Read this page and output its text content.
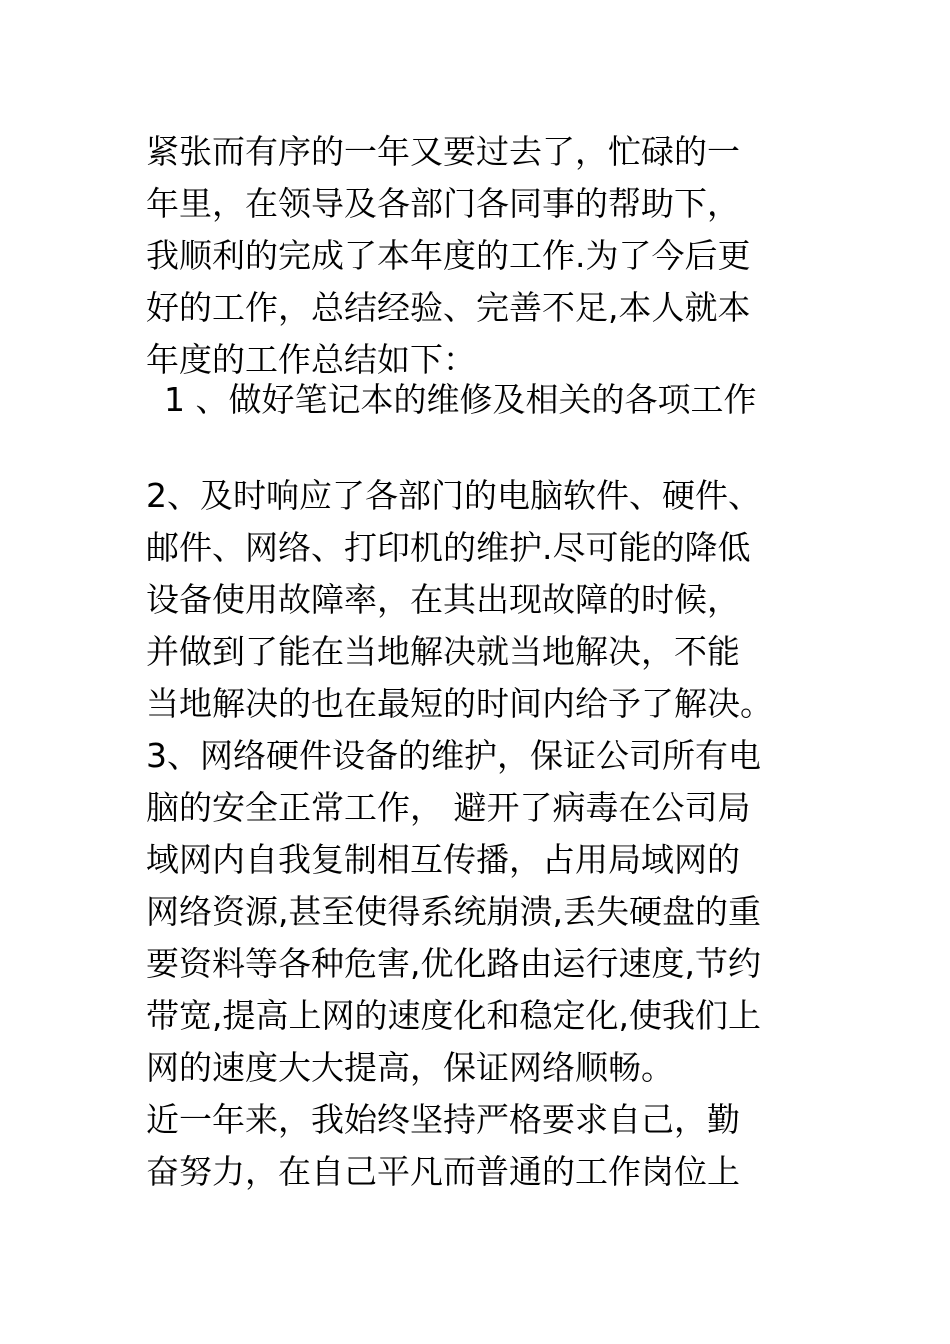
紧张而有序的一年又要过去了，忙碌的一
年里，在领导及各部门各同事的帮助下，
我顺利的完成了本年度的工作.为了今后更
好的工作，总结经验、完善不足,本人就本
年度的工作总结如下：
1 、做好笔记本的维修及相关的各项工作
2、及时响应了各部门的电脑软件、硬件、
邮件、网络、打印机的维护.尽可能的降低
设备使用故障率，在其出现故障的时候，
并做到了能在当地解决就当地解决，不能
当地解决的也在最短的时间内给予了解决。
3、网络硬件设备的维护，保证公司所有电
脑的安全正常工作， 避开了病毒在公司局
域网内自我复制相互传播，占用局域网的
网络资源,甚至使得系统崩溃,丢失硬盘的重
要资料等各种危害,优化路由运行速度,节约
带宽,提高上网的速度化和稳定化,使我们上
网的速度大大提高，保证网络顺畅。
近一年来，我始终坚持严格要求自己，勤
奋努力，在自己平凡而普通的工作岗位上
